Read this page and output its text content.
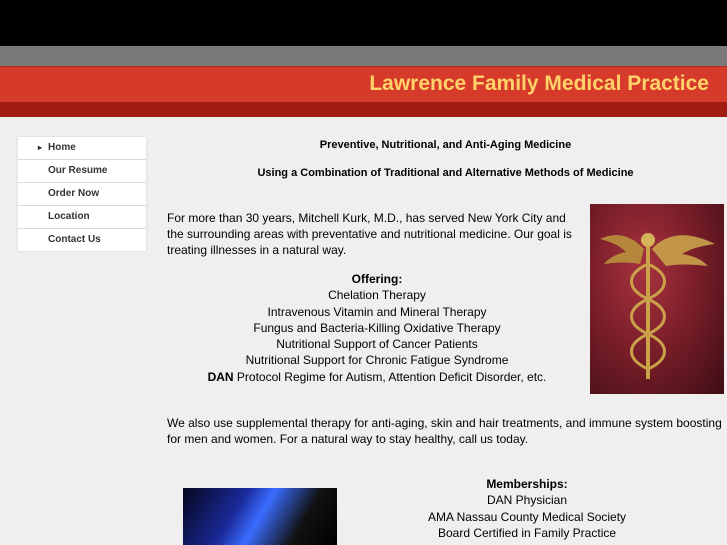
Lawrence Family Medical Practice
▸ Home
Our Resume
Order Now
Location
Contact Us
Preventive, Nutritional, and Anti-Aging Medicine
Using a Combination of Traditional and Alternative Methods of Medicine
For more than 30 years, Mitchell Kurk, M.D., has served New York City and the surrounding areas with preventative and nutritional medicine. Our goal is treating illnesses in a natural way.
Offering:
Chelation Therapy
Intravenous Vitamin and Mineral Therapy
Fungus and Bacteria-Killing Oxidative Therapy
Nutritional Support of Cancer Patients
Nutritional Support for Chronic Fatigue Syndrome
DAN Protocol Regime for Autism, Attention Deficit Disorder, etc.
We also use supplemental therapy for anti-aging, skin and hair treatments, and immune system boosting for men and women. For a natural way to stay healthy, call us today.
Memberships:
DAN Physician
AMA Nassau County Medical Society
Board Certified in Family Practice
